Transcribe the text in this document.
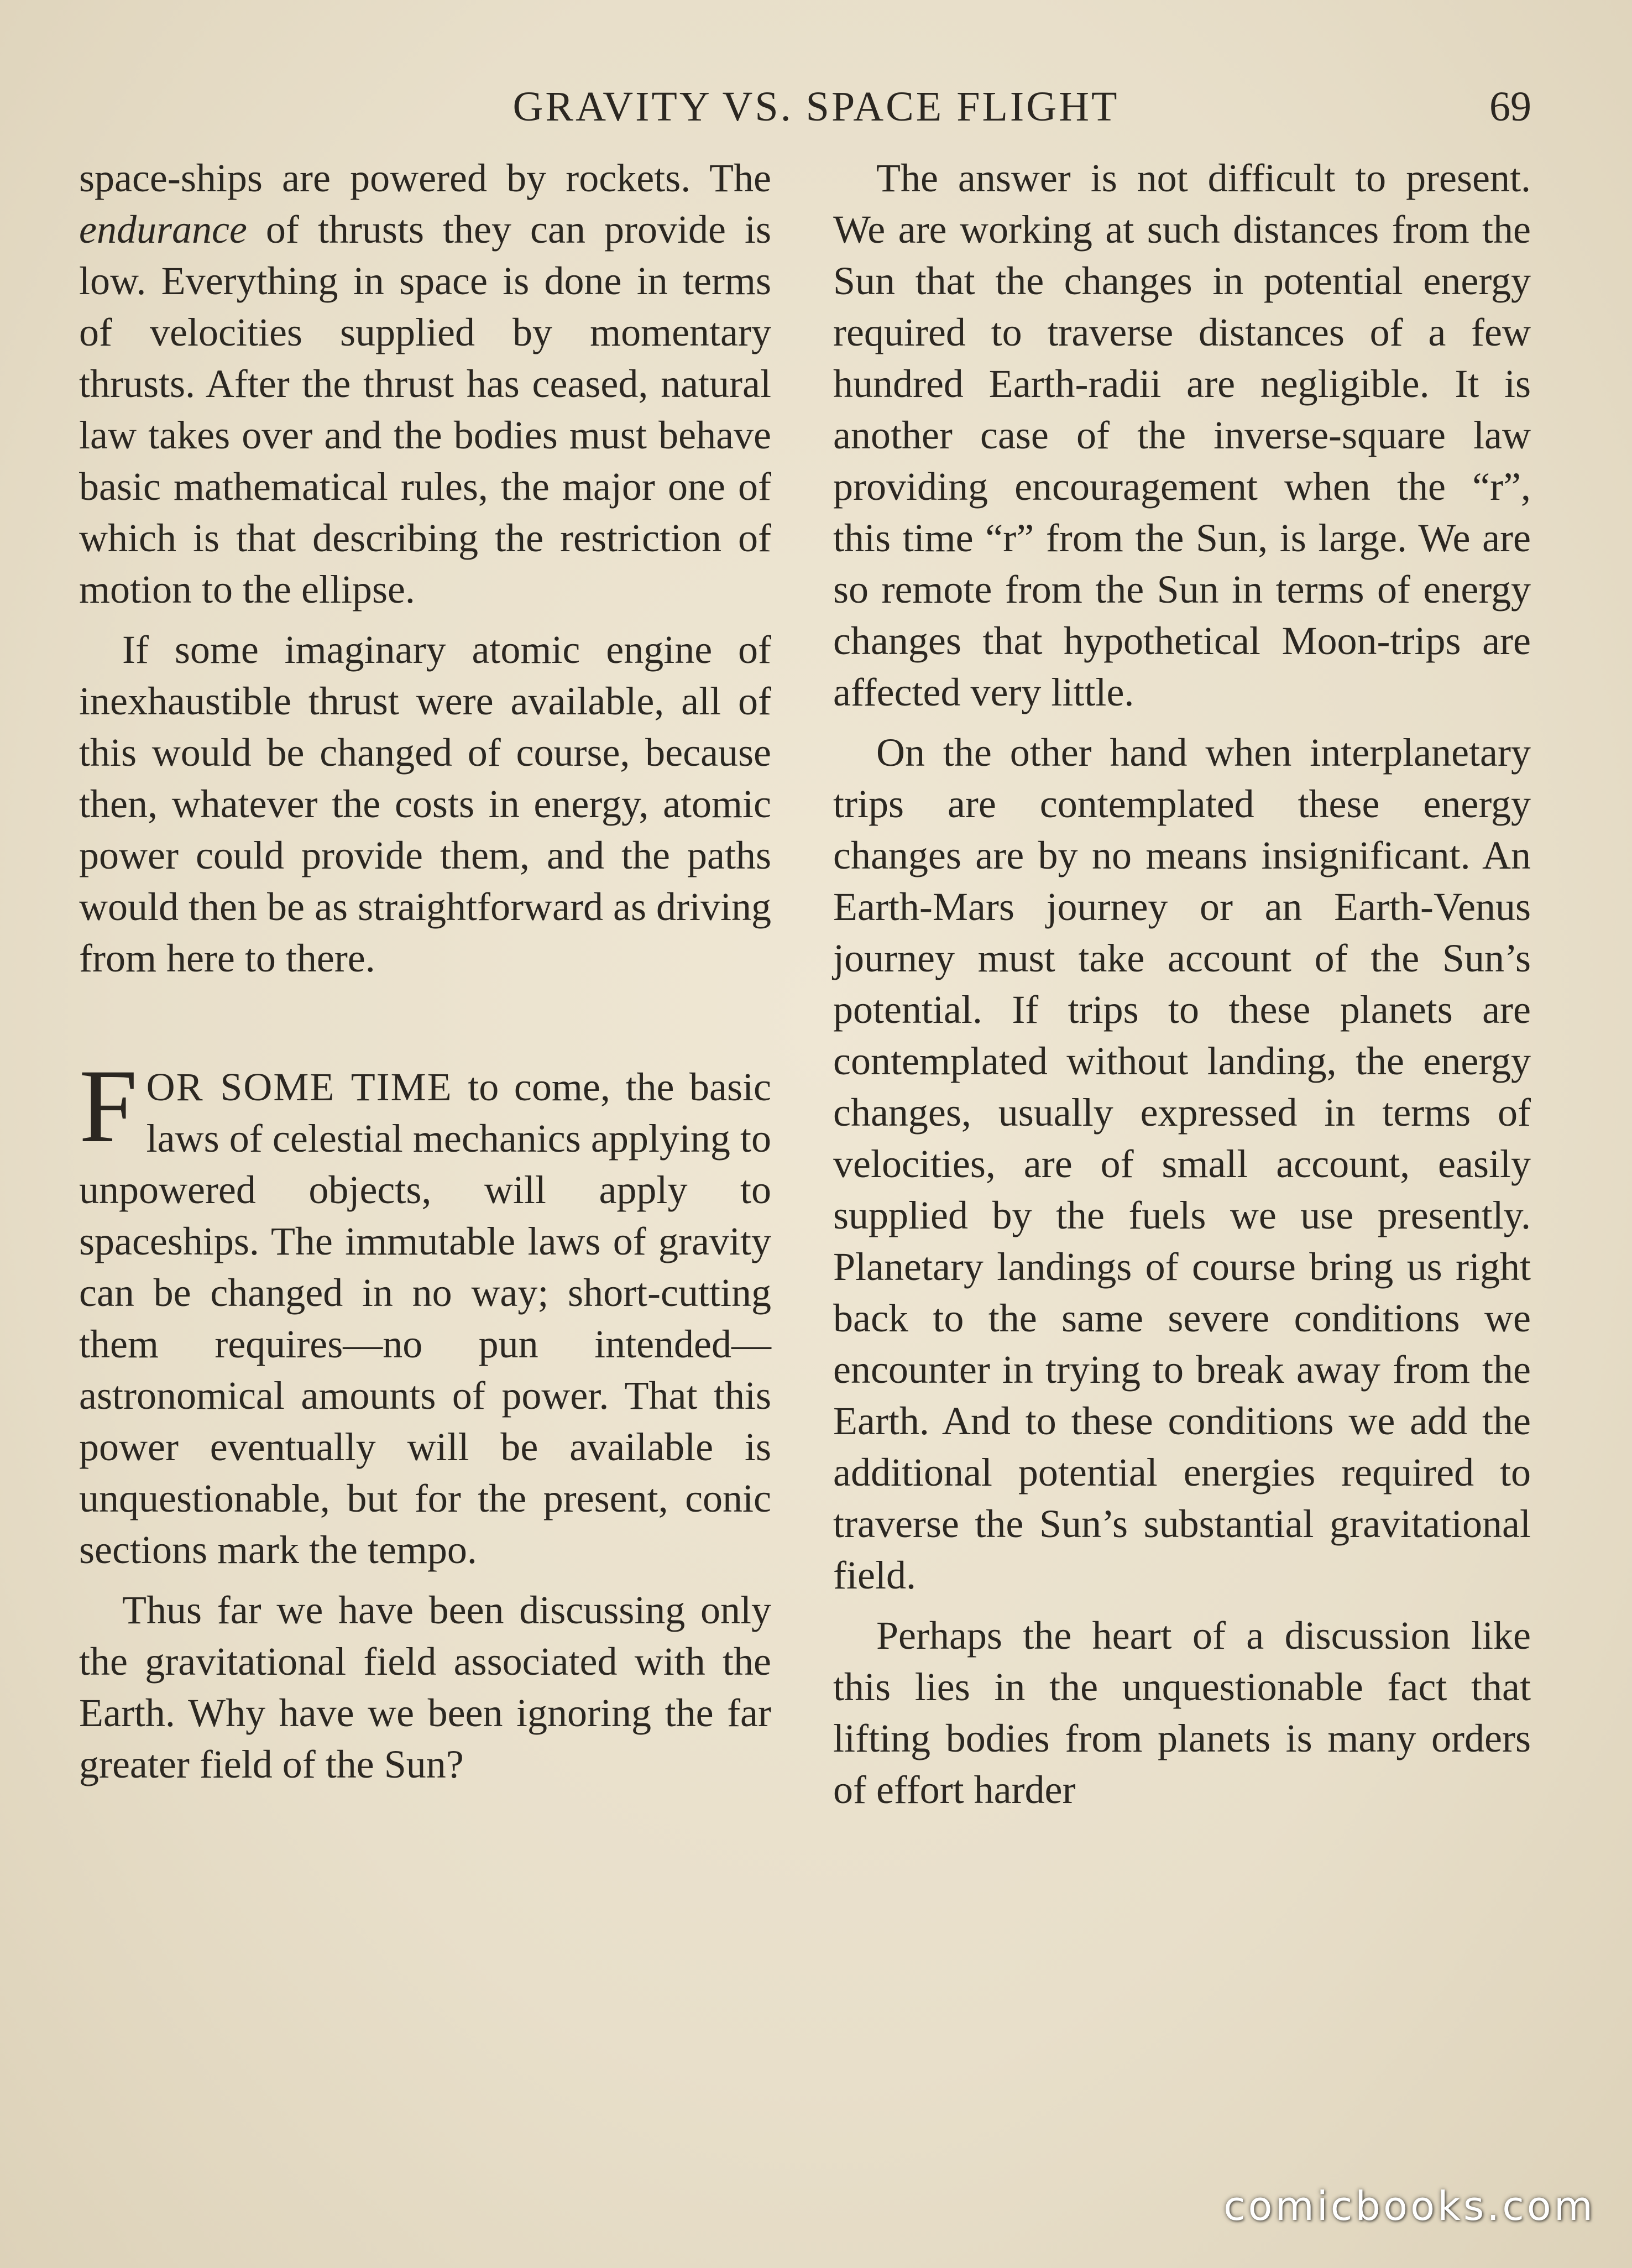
GRAVITY VS. SPACE FLIGHT	69

space-ships are powered by rockets. The endurance of thrusts they can provide is low. Everything in space is done in terms of velocities supplied by momentary thrusts. After the thrust has ceased, natural law takes over and the bodies must behave basic mathematical rules, the major one of which is that describing the restriction of motion to the ellipse.

If some imaginary atomic engine of inexhaustible thrust were available, all of this would be changed of course, because then, whatever the costs in energy, atomic power could provide them, and the paths would then be as straightforward as driving from here to there.

FOR SOME TIME to come, the basic laws of celestial mechanics applying to unpowered objects, will apply to spaceships. The immutable laws of gravity can be changed in no way; short-cutting them requires—no pun intended—astronomical amounts of power. That this power eventually will be available is unquestionable, but for the present, conic sections mark the tempo.

Thus far we have been discussing only the gravitational field associated with the Earth. Why have we been ignoring the far greater field of the Sun?

The answer is not difficult to present. We are working at such distances from the Sun that the changes in potential energy required to traverse distances of a few hundred Earth-radii are negligible. It is another case of the inverse-square law providing encouragement when the “r”, this time “r” from the Sun, is large. We are so remote from the Sun in terms of energy changes that hypothetical Moon-trips are affected very little.

On the other hand when interplanetary trips are contemplated these energy changes are by no means insignificant. An Earth-Mars journey or an Earth-Venus journey must take account of the Sun’s potential. If trips to these planets are contemplated without landing, the energy changes, usually expressed in terms of velocities, are of small account, easily supplied by the fuels we use presently. Planetary landings of course bring us right back to the same severe conditions we encounter in trying to break away from the Earth. And to these conditions we add the additional potential energies required to traverse the Sun’s substantial gravitational field.

Perhaps the heart of a discussion like this lies in the unquestionable fact that lifting bodies from planets is many orders of effort harder

comicbooks.com
